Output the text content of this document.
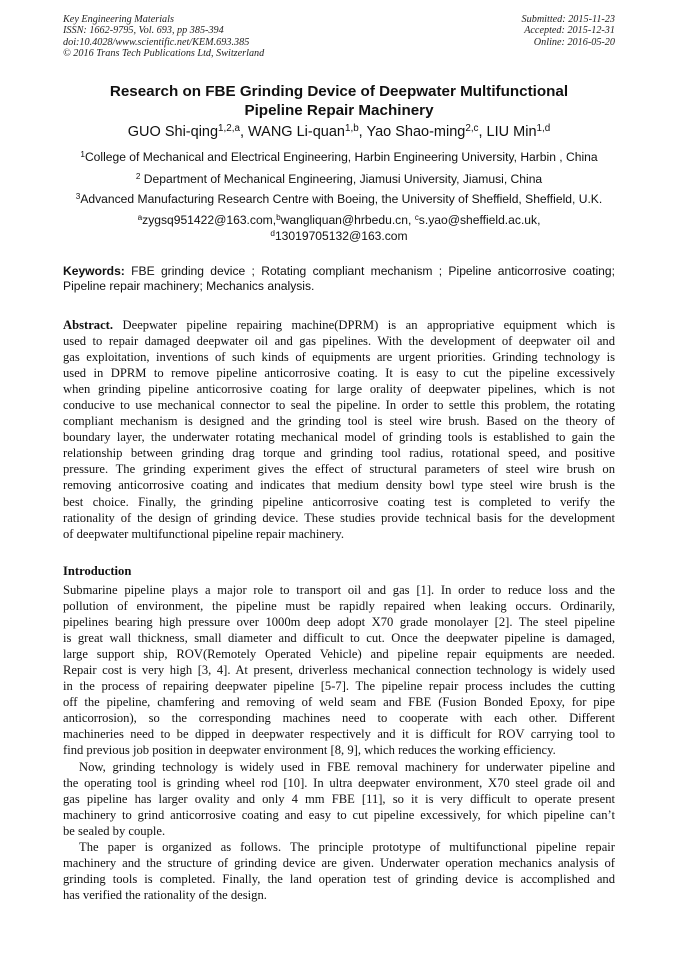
Key Engineering Materials
ISSN: 1662-9795, Vol. 693, pp 385-394
doi:10.4028/www.scientific.net/KEM.693.385
© 2016 Trans Tech Publications Ltd, Switzerland
Submitted: 2015-11-23
Accepted: 2015-12-31
Online: 2016-05-20
Research on FBE Grinding Device of Deepwater Multifunctional
Pipeline Repair Machinery
GUO Shi-qing$^{1,2,a}$, WANG Li-quan$^{1,b}$, Yao Shao-ming$^{2,c}$, LIU Min$^{1,d}$
$^1$College of Mechanical and Electrical Engineering, Harbin Engineering University, Harbin , China
$^2$ Department of Mechanical Engineering, Jiamusi University, Jiamusi, China
$^3$Advanced Manufacturing Research Centre with Boeing, the University of Sheffield, Sheffield, U.K.
$^a$zygsq951422@163.com,$^b$wangliquan@hrbedu.cn, $^c$s.yao@sheffield.ac.uk,
$^d$13019705132@163.com
Keywords: FBE grinding device ; Rotating compliant mechanism ; Pipeline anticorrosive coating; Pipeline repair machinery; Mechanics analysis.
Abstract. Deepwater pipeline repairing machine(DPRM) is an appropriative equipment which is
used to repair damaged deepwater oil and gas pipelines. With the development of deepwater oil and
gas exploitation, inventions of such kinds of equipments are urgent priorities. Grinding technology is
used in DPRM to remove pipeline anticorrosive coating. It is easy to cut the pipeline excessively
when grinding pipeline anticorrosive coating for large orality of deepwater pipelines, which is not
conducive to use mechanical connector to seal the pipeline. In order to settle this problem, the rotating
compliant mechanism is designed and the grinding tool is steel wire brush. Based on the theory of
boundary layer, the underwater rotating mechanical model of grinding tools is established to gain the
relationship between grinding drag torque and grinding tool radius, rotational speed, and positive
pressure. The grinding experiment gives the effect of structural parameters of steel wire brush on
removing anticorrosive coating and indicates that medium density bowl type steel wire brush is the
best choice. Finally, the grinding pipeline anticorrosive coating test is completed to verify the
rationality of the design of grinding device. These studies provide technical basis for the development
of deepwater multifunctional pipeline repair machinery.
Introduction
Submarine pipeline plays a major role to transport oil and gas [1]. In order to reduce loss and the
pollution of environment, the pipeline must be rapidly repaired when leaking occurs. Ordinarily,
pipelines bearing high pressure over 1000m deep adopt X70 grade monolayer [2]. The steel pipeline
is great wall thickness, small diameter and difficult to cut. Once the deepwater pipeline is damaged,
large support ship, ROV(Remotely Operated Vehicle) and pipeline repair equipments are needed.
Repair cost is very high [3, 4]. At present, driverless mechanical connection technology is widely used
in the process of repairing deepwater pipeline [5-7]. The pipeline repair process includes the cutting
off the pipeline, chamfering and removing of weld seam and FBE (Fusion Bonded Epoxy, for pipe
anticorrosion), so the corresponding machines need to cooperate with each other. Different
machineries need to be dipped in deepwater respectively and it is difficult for ROV carrying tool to
find previous job position in deepwater environment [8, 9], which reduces the working efficiency.
Now, grinding technology is widely used in FBE removal machinery for underwater pipeline and
the operating tool is grinding wheel rod [10]. In ultra deepwater environment, X70 steel grade oil and
gas pipeline has larger ovality and only 4 mm FBE [11], so it is very difficult to operate present
machinery to grind anticorrosive coating and easy to cut pipeline excessively, for which pipeline can’t
be sealed by couple.
The paper is organized as follows. The principle prototype of multifunctional pipeline repair
machinery and the structure of grinding device are given. Underwater operation mechanics analysis of
grinding tools is completed. Finally, the land operation test of grinding device is accomplished and
has verified the rationality of the design.
